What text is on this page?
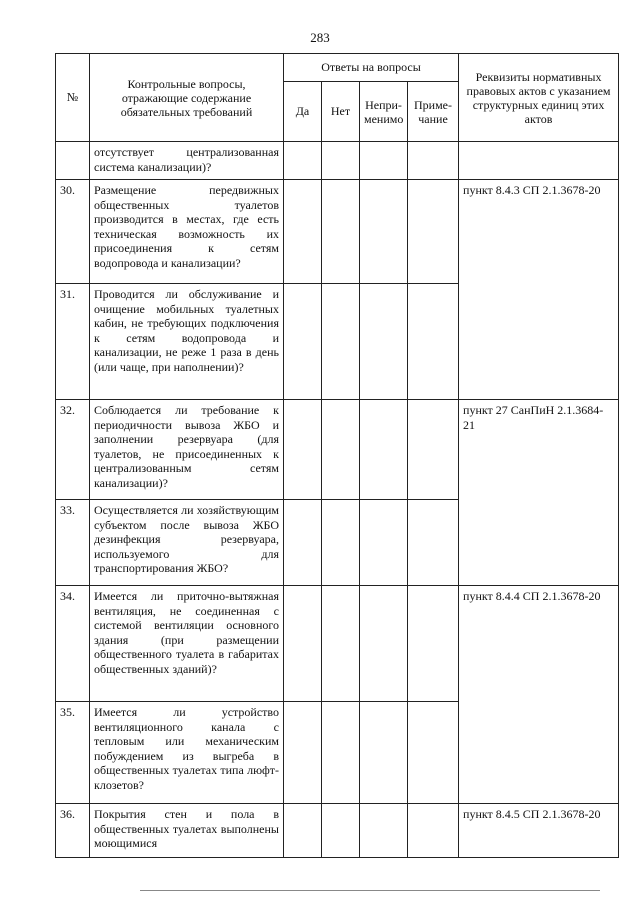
283
№	Контрольные вопросы, отражающие содержание обязательных требований	Ответы на вопросы				Реквизиты нормативных правовых актов с указанием структурных единиц этих актов
		Да	Нет	Непри-менимо	Приме-чание	
	отсутствует централизованная система канализации)?					
30.	Размещение передвижных общественных туалетов производится в местах, где есть техническая возможность их присоединения к сетям водопровода и канализации?					пункт 8.4.3 СП 2.1.3678-20
31.	Проводится ли обслуживание и очищение мобильных туалетных кабин, не требующих подключения к сетям водопровода и канализации, не реже 1 раза в день (или чаще, при наполнении)?					
32.	Соблюдается ли требование к периодичности вывоза ЖБО и заполнении резервуара (для туалетов, не присоединенных к централизованным сетям канализации)?					пункт 27 СанПиН 2.1.3684-21
33.	Осуществляется ли хозяйствующим субъектом после вывоза ЖБО дезинфекция резервуара, используемого для транспортирования ЖБО?					
34.	Имеется ли приточно-вытяжная вентиляция, не соединенная с системой вентиляции основного здания (при размещении общественного туалета в габаритах общественных зданий)?					пункт 8.4.4 СП 2.1.3678-20
35.	Имеется ли устройство вентиляционного канала с тепловым или механическим побуждением из выгреба в общественных туалетах типа люфт-клозетов?					
36.	Покрытия стен и пола в общественных туалетах выполнены моющимися					пункт 8.4.5 СП 2.1.3678-20
